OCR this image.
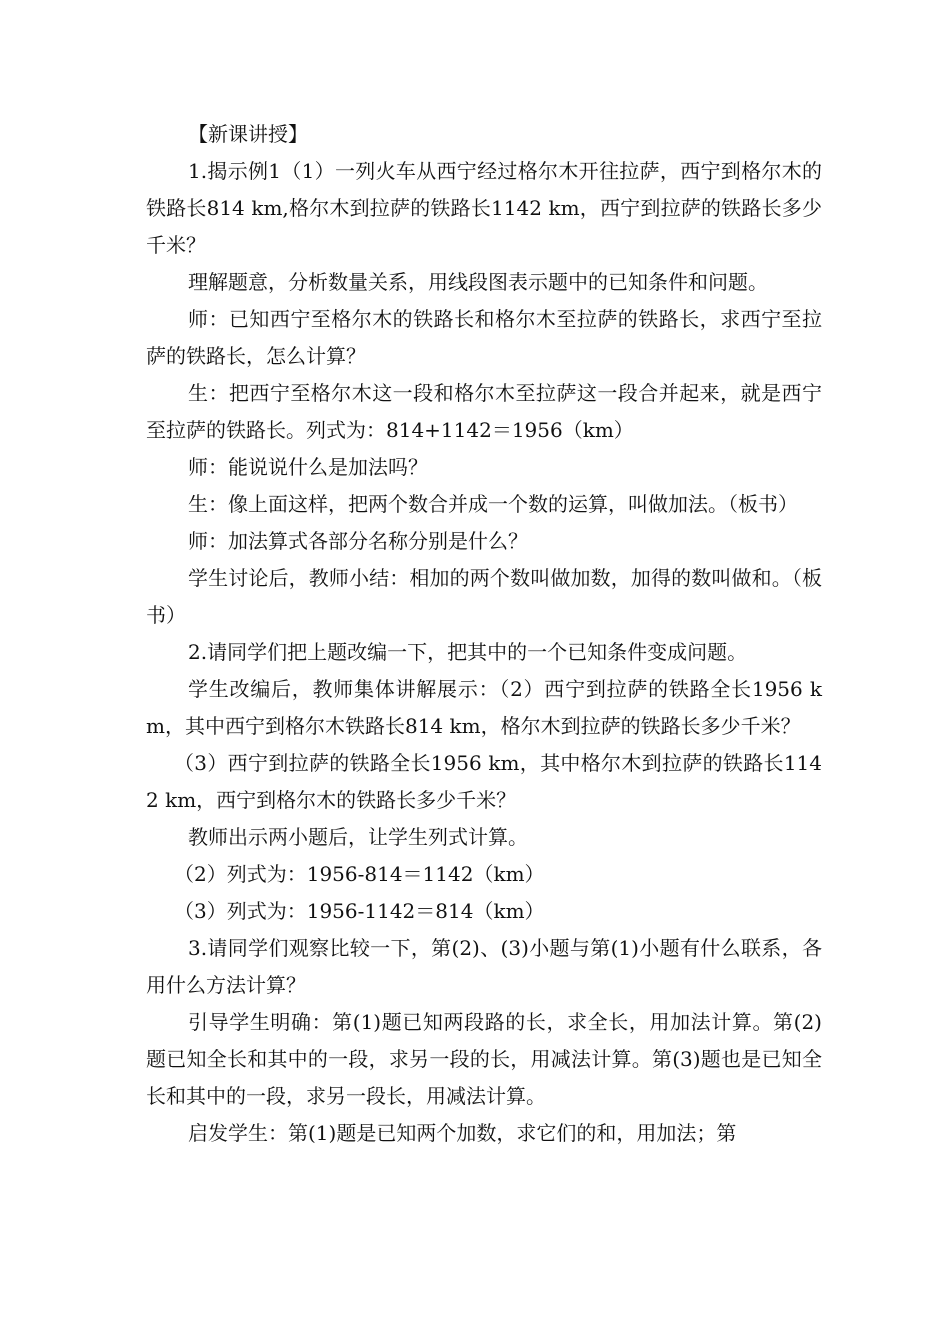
【新课讲授】

1.揭示例1（1）一列火车从西宁经过格尔木开往拉萨，西宁到格尔木的铁路长814 km,格尔木到拉萨的铁路长1142 km，西宁到拉萨的铁路长多少千米？

理解题意，分析数量关系，用线段图表示题中的已知条件和问题。

师：已知西宁至格尔木的铁路长和格尔木至拉萨的铁路长，求西宁至拉萨的铁路长，怎么计算？

生：把西宁至格尔木这一段和格尔木至拉萨这一段合并起来，就是西宁至拉萨的铁路长。列式为：814+1142＝1956（km）

师：能说说什么是加法吗？

生：像上面这样，把两个数合并成一个数的运算，叫做加法。（板书）

师：加法算式各部分名称分别是什么？

学生讨论后，教师小结：相加的两个数叫做加数，加得的数叫做和。（板书）

2.请同学们把上题改编一下，把其中的一个已知条件变成问题。

学生改编后，教师集体讲解展示：（2）西宁到拉萨的铁路全长1956 km，其中西宁到格尔木铁路长814 km，格尔木到拉萨的铁路长多少千米？

（3）西宁到拉萨的铁路全长1956 km，其中格尔木到拉萨的铁路长1142 km，西宁到格尔木的铁路长多少千米？

教师出示两小题后，让学生列式计算。

（2）列式为：1956-814＝1142（km）

（3）列式为：1956-1142＝814（km）

3.请同学们观察比较一下，第(2)、(3)小题与第(1)小题有什么联系，各用什么方法计算？

引导学生明确：第(1)题已知两段路的长，求全长，用加法计算。第(2)题已知全长和其中的一段，求另一段的长，用减法计算。第(3)题也是已知全长和其中的一段，求另一段长，用减法计算。

启发学生：第(1)题是已知两个加数，求它们的和，用加法；第
